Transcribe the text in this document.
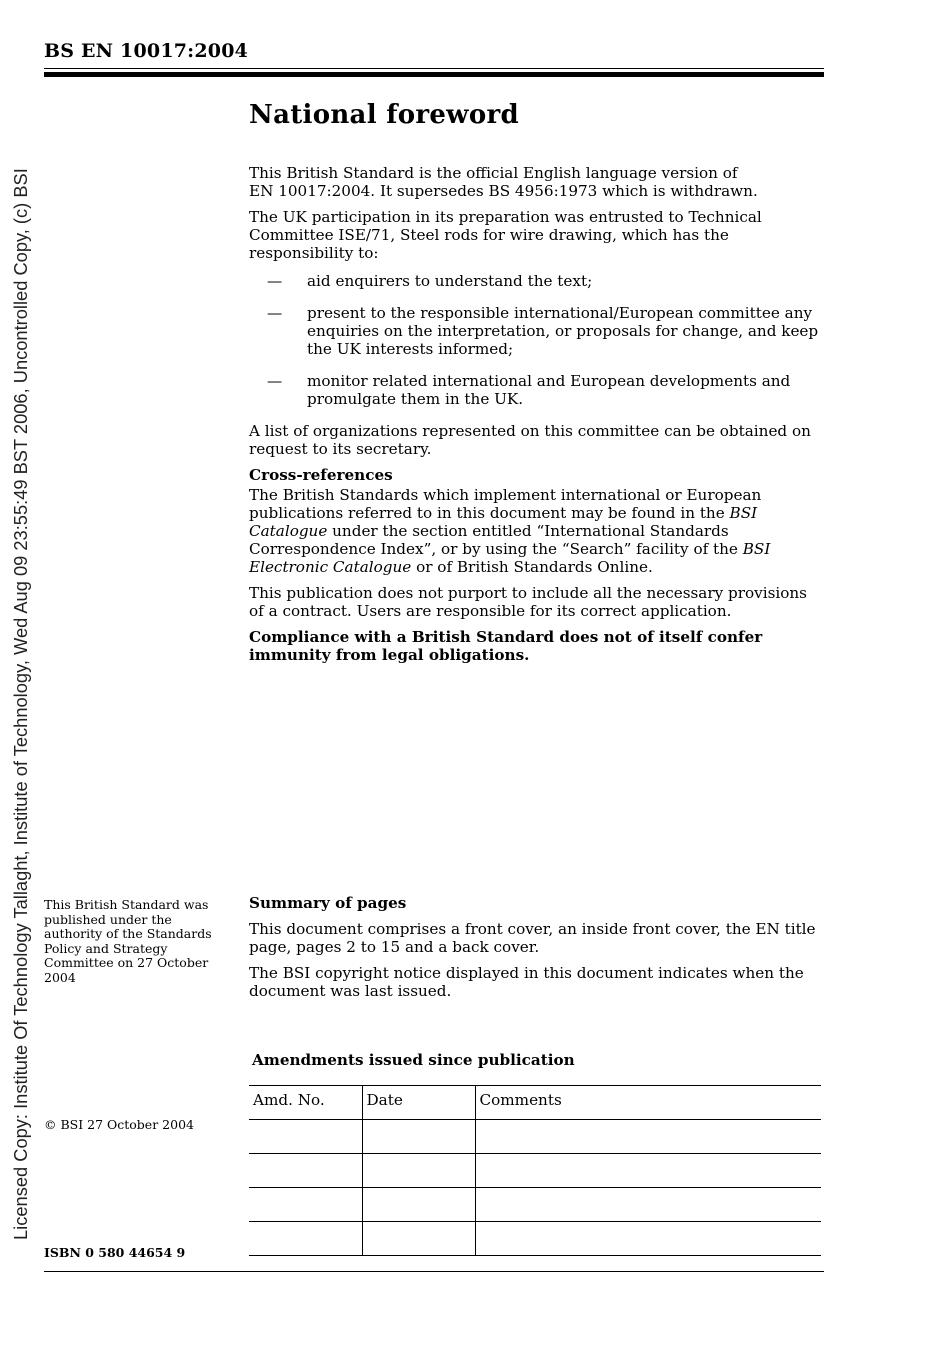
BS EN 10017:2004
Licensed Copy: Institute Of Technology Tallaght, Institute of Technology, Wed Aug 09 23:55:49 BST 2006, Uncontrolled Copy, (c) BSI
National foreword

This British Standard is the official English language version of
EN 10017:2004. It supersedes BS 4956:1973 which is withdrawn.

The UK participation in its preparation was entrusted to Technical Committee ISE/71, Steel rods for wire drawing, which has the responsibility to:

— aid enquirers to understand the text;
— present to the responsible international/European committee any enquiries on the interpretation, or proposals for change, and keep the UK interests informed;
— monitor related international and European developments and promulgate them in the UK.

A list of organizations represented on this committee can be obtained on request to its secretary.

Cross-references

The British Standards which implement international or European publications referred to in this document may be found in the BSI Catalogue under the section entitled “International Standards Correspondence Index”, or by using the “Search” facility of the BSI Electronic Catalogue or of British Standards Online.

This publication does not purport to include all the necessary provisions of a contract. Users are responsible for its correct application.

Compliance with a British Standard does not of itself confer immunity from legal obligations.

This British Standard was published under the authority of the Standards Policy and Strategy Committee on 27 October 2004
© BSI 27 October 2004

Summary of pages

This document comprises a front cover, an inside front cover, the EN title page, pages 2 to 15 and a back cover.

The BSI copyright notice displayed in this document indicates when the document was last issued.

Amendments issued since publication
Amd. No.	Date	Comments

ISBN 0 580 44654 9
